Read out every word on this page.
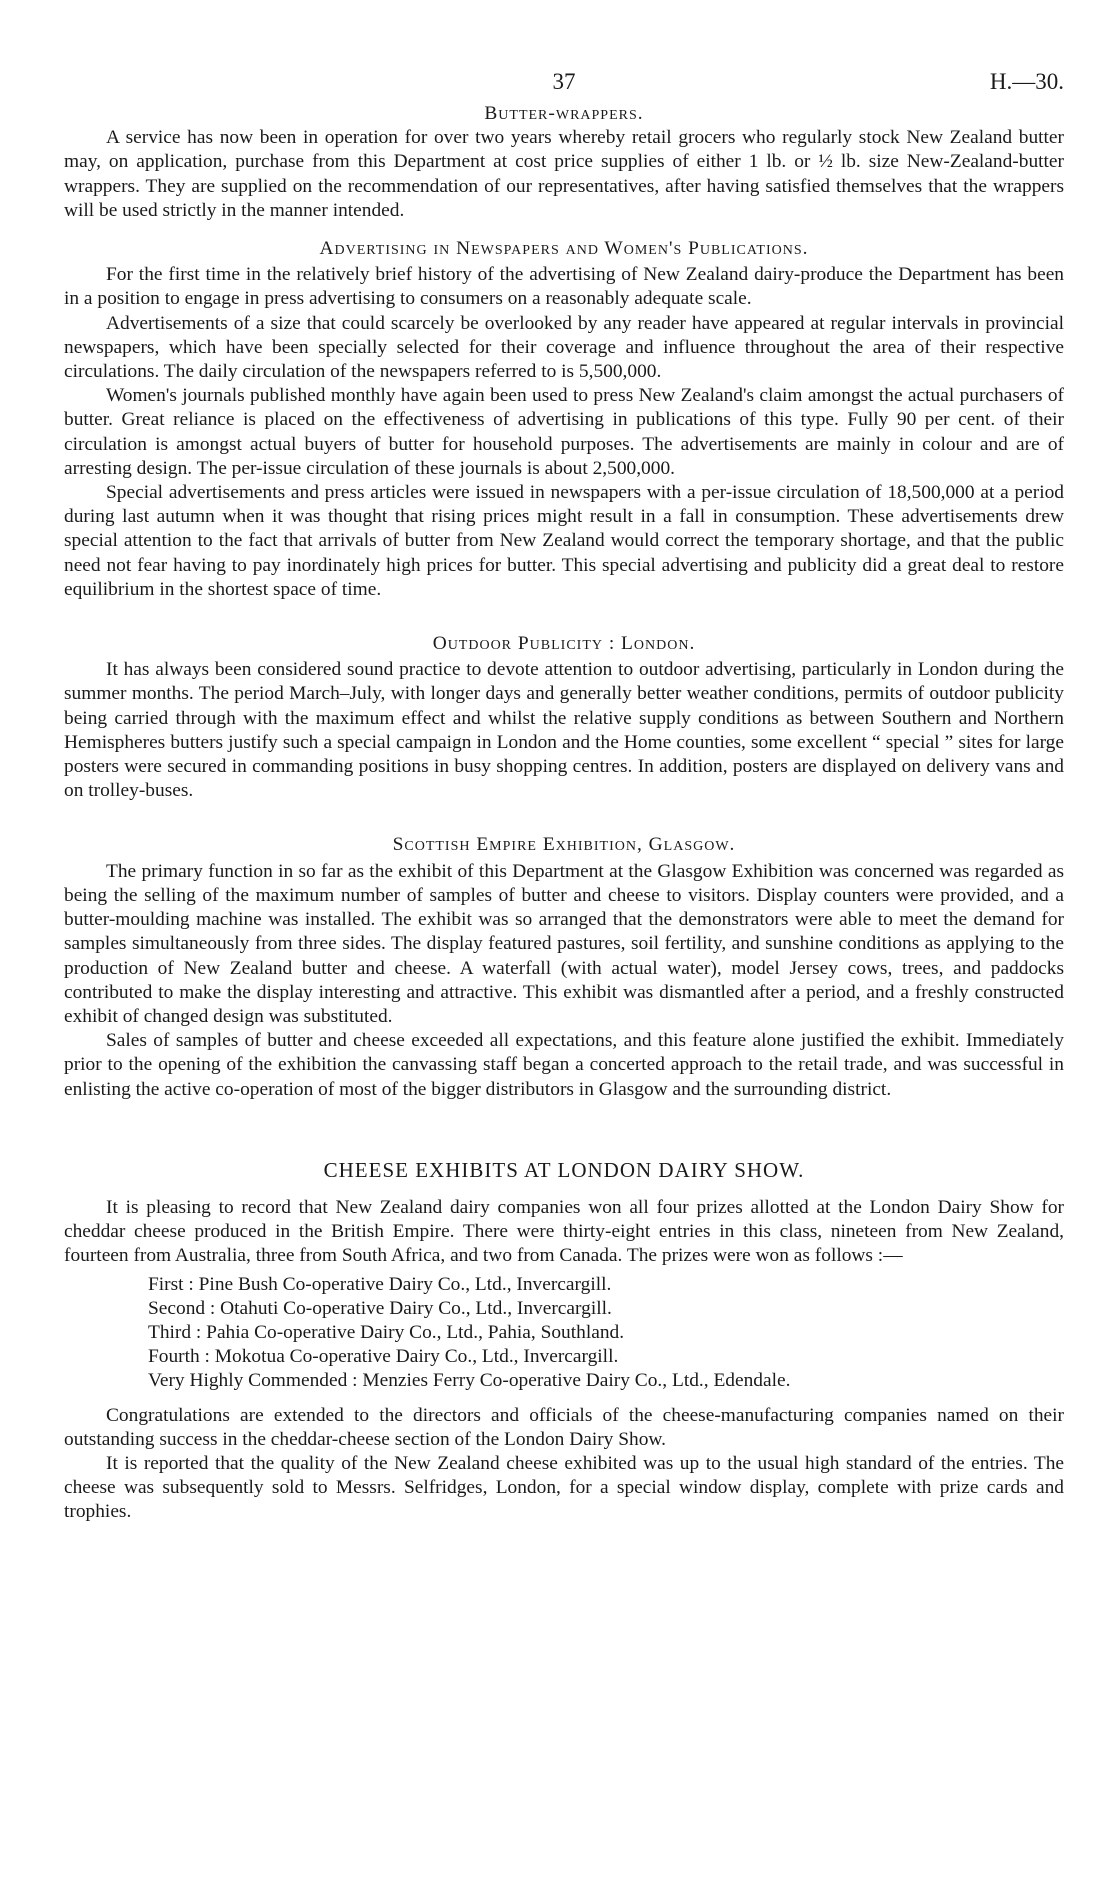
37	H.—30.

Butter-wrappers.

A service has now been in operation for over two years whereby retail grocers who regularly stock New Zealand butter may, on application, purchase from this Department at cost price supplies of either 1 lb. or ½ lb. size New-Zealand-butter wrappers. They are supplied on the recommendation of our representatives, after having satisfied themselves that the wrappers will be used strictly in the manner intended.

Advertising in Newspapers and Women's Publications.

For the first time in the relatively brief history of the advertising of New Zealand dairy-produce the Department has been in a position to engage in press advertising to consumers on a reasonably adequate scale.

Advertisements of a size that could scarcely be overlooked by any reader have appeared at regular intervals in provincial newspapers, which have been specially selected for their coverage and influence throughout the area of their respective circulations. The daily circulation of the newspapers referred to is 5,500,000.

Women's journals published monthly have again been used to press New Zealand's claim amongst the actual purchasers of butter. Great reliance is placed on the effectiveness of advertising in publications of this type. Fully 90 per cent. of their circulation is amongst actual buyers of butter for household purposes. The advertisements are mainly in colour and are of arresting design. The per-issue circulation of these journals is about 2,500,000.

Special advertisements and press articles were issued in newspapers with a per-issue circulation of 18,500,000 at a period during last autumn when it was thought that rising prices might result in a fall in consumption. These advertisements drew special attention to the fact that arrivals of butter from New Zealand would correct the temporary shortage, and that the public need not fear having to pay inordinately high prices for butter. This special advertising and publicity did a great deal to restore equilibrium in the shortest space of time.

Outdoor Publicity : London.

It has always been considered sound practice to devote attention to outdoor advertising, particularly in London during the summer months. The period March–July, with longer days and generally better weather conditions, permits of outdoor publicity being carried through with the maximum effect and whilst the relative supply conditions as between Southern and Northern Hemispheres butters justify such a special campaign in London and the Home counties, some excellent “ special ” sites for large posters were secured in commanding positions in busy shopping centres. In addition, posters are displayed on delivery vans and on trolley-buses.

Scottish Empire Exhibition, Glasgow.

The primary function in so far as the exhibit of this Department at the Glasgow Exhibition was concerned was regarded as being the selling of the maximum number of samples of butter and cheese to visitors. Display counters were provided, and a butter-moulding machine was installed. The exhibit was so arranged that the demonstrators were able to meet the demand for samples simultaneously from three sides. The display featured pastures, soil fertility, and sunshine conditions as applying to the production of New Zealand butter and cheese. A waterfall (with actual water), model Jersey cows, trees, and paddocks contributed to make the display interesting and attractive. This exhibit was dismantled after a period, and a freshly constructed exhibit of changed design was substituted.

Sales of samples of butter and cheese exceeded all expectations, and this feature alone justified the exhibit. Immediately prior to the opening of the exhibition the canvassing staff began a concerted approach to the retail trade, and was successful in enlisting the active co-operation of most of the bigger distributors in Glasgow and the surrounding district.

CHEESE EXHIBITS AT LONDON DAIRY SHOW.

It is pleasing to record that New Zealand dairy companies won all four prizes allotted at the London Dairy Show for cheddar cheese produced in the British Empire. There were thirty-eight entries in this class, nineteen from New Zealand, fourteen from Australia, three from South Africa, and two from Canada. The prizes were won as follows :—

First : Pine Bush Co-operative Dairy Co., Ltd., Invercargill.
Second : Otahuti Co-operative Dairy Co., Ltd., Invercargill.
Third : Pahia Co-operative Dairy Co., Ltd., Pahia, Southland.
Fourth : Mokotua Co-operative Dairy Co., Ltd., Invercargill.
Very Highly Commended : Menzies Ferry Co-operative Dairy Co., Ltd., Edendale.

Congratulations are extended to the directors and officials of the cheese-manufacturing companies named on their outstanding success in the cheddar-cheese section of the London Dairy Show.

It is reported that the quality of the New Zealand cheese exhibited was up to the usual high standard of the entries. The cheese was subsequently sold to Messrs. Selfridges, London, for a special window display, complete with prize cards and trophies.
